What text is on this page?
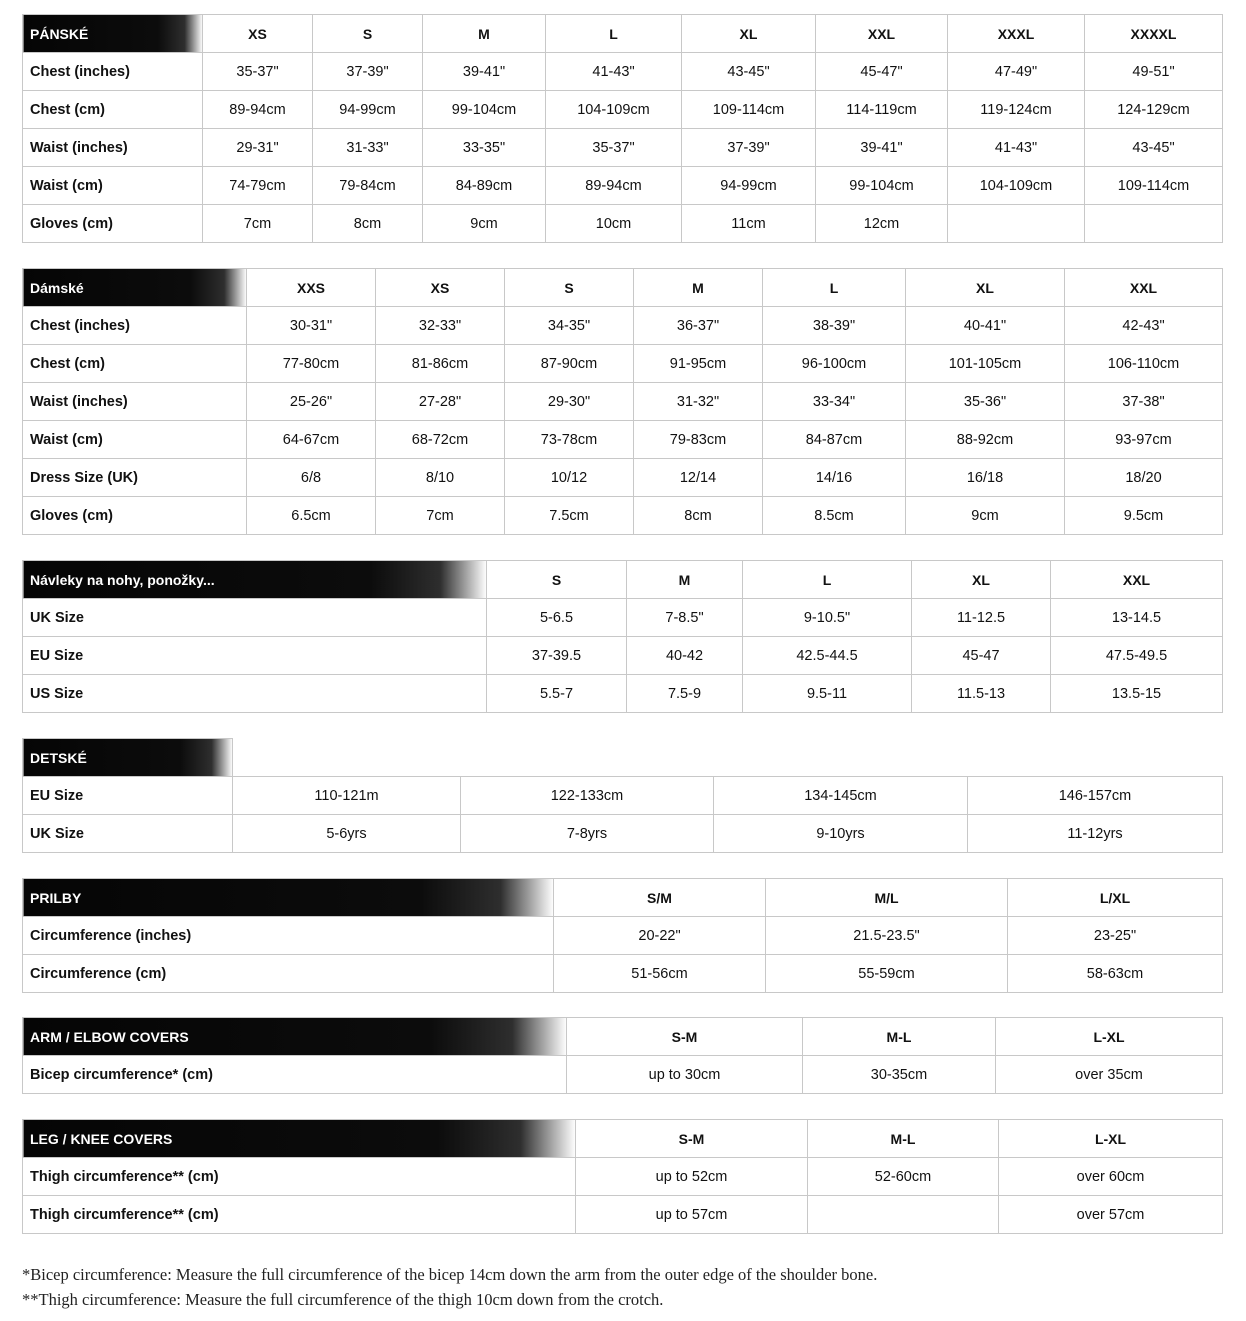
PÁNSKÉ	XS	S	M	L	XL	XXL	XXXL	XXXXL
Chest (inches)	35-37"	37-39"	39-41"	41-43"	43-45"	45-47"	47-49"	49-51"
Chest (cm)	89-94cm	94-99cm	99-104cm	104-109cm	109-114cm	114-119cm	119-124cm	124-129cm
Waist (inches)	29-31"	31-33"	33-35"	35-37"	37-39"	39-41"	41-43"	43-45"
Waist (cm)	74-79cm	79-84cm	84-89cm	89-94cm	94-99cm	99-104cm	104-109cm	109-114cm
Gloves (cm)	7cm	8cm	9cm	10cm	11cm	12cm		
Dámské	XXS	XS	S	M	L	XL	XXL
Chest (inches)	30-31"	32-33"	34-35"	36-37"	38-39"	40-41"	42-43"
Chest (cm)	77-80cm	81-86cm	87-90cm	91-95cm	96-100cm	101-105cm	106-110cm
Waist (inches)	25-26"	27-28"	29-30"	31-32"	33-34"	35-36"	37-38"
Waist (cm)	64-67cm	68-72cm	73-78cm	79-83cm	84-87cm	88-92cm	93-97cm
Dress Size (UK)	6/8	8/10	10/12	12/14	14/16	16/18	18/20
Gloves (cm)	6.5cm	7cm	7.5cm	8cm	8.5cm	9cm	9.5cm
Návleky na nohy, ponožky...	S	M	L	XL	XXL
UK Size	5-6.5	7-8.5"	9-10.5"	11-12.5	13-14.5
EU Size	37-39.5	40-42	42.5-44.5	45-47	47.5-49.5
US Size	5.5-7	7.5-9	9.5-11	11.5-13	13.5-15
DETSKÉ				
EU Size	110-121m	122-133cm	134-145cm	146-157cm
UK Size	5-6yrs	7-8yrs	9-10yrs	11-12yrs
PRILBY	S/M	M/L	L/XL
Circumference (inches)	20-22"	21.5-23.5"	23-25"
Circumference (cm)	51-56cm	55-59cm	58-63cm
ARM / ELBOW COVERS	S-M	M-L	L-XL
Bicep circumference* (cm)	up to 30cm	30-35cm	over 35cm
LEG / KNEE COVERS	S-M	M-L	L-XL
Thigh circumference** (cm)	up to 52cm	52-60cm	over 60cm
Thigh circumference** (cm)	up to 57cm		over 57cm

*Bicep circumference: Measure the full circumference of the bicep 14cm down the arm from the outer edge of the shoulder bone.

**Thigh circumference: Measure the full circumference of the thigh 10cm down from the crotch.
